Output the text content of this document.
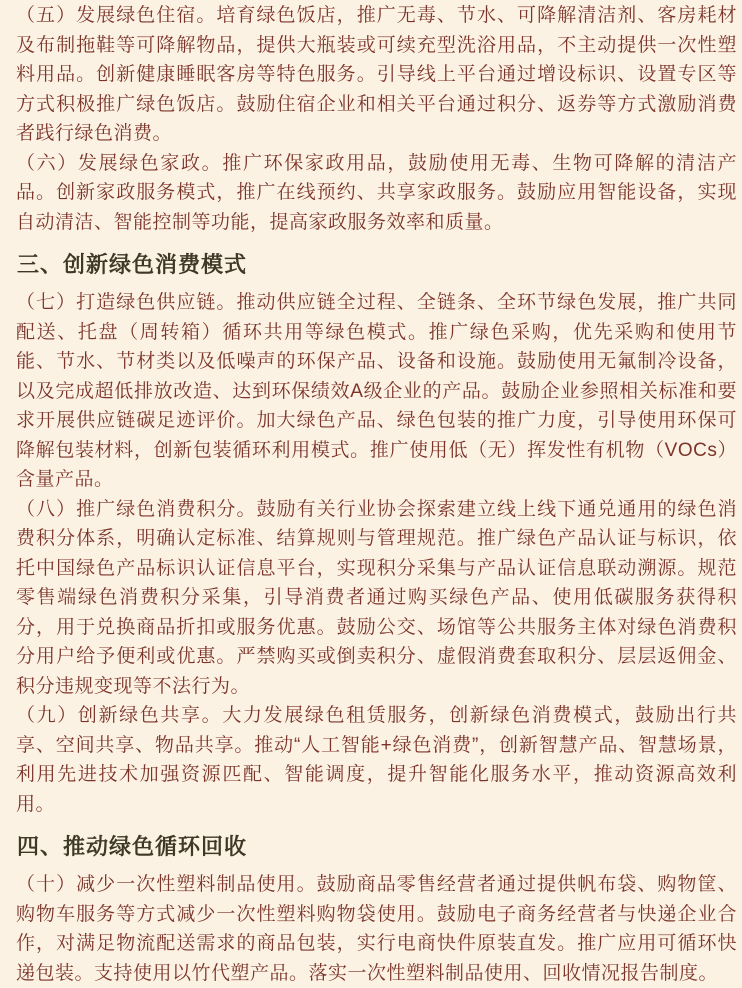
（五）发展绿色住宿。培育绿色饭店，推广无毒、节水、可降解清洁剂、客房耗材及布制拖鞋等可降解物品，提供大瓶装或可续充型洗浴用品，不主动提供一次性塑料用品。创新健康睡眠客房等特色服务。引导线上平台通过增设标识、设置专区等方式积极推广绿色饭店。鼓励住宿企业和相关平台通过积分、返券等方式激励消费者践行绿色消费。

（六）发展绿色家政。推广环保家政用品，鼓励使用无毒、生物可降解的清洁产品。创新家政服务模式，推广在线预约、共享家政服务。鼓励应用智能设备，实现自动清洁、智能控制等功能，提高家政服务效率和质量。

三、创新绿色消费模式

（七）打造绿色供应链。推动供应链全过程、全链条、全环节绿色发展，推广共同配送、托盘（周转箱）循环共用等绿色模式。推广绿色采购，优先采购和使用节能、节水、节材类以及低噪声的环保产品、设备和设施。鼓励使用无氟制冷设备，以及完成超低排放改造、达到环保绩效A级企业的产品。鼓励企业参照相关标准和要求开展供应链碳足迹评价。加大绿色产品、绿色包装的推广力度，引导使用环保可降解包装材料，创新包装循环利用模式。推广使用低（无）挥发性有机物（VOCs）含量产品。

（八）推广绿色消费积分。鼓励有关行业协会探索建立线上线下通兑通用的绿色消费积分体系，明确认定标准、结算规则与管理规范。推广绿色产品认证与标识，依托中国绿色产品标识认证信息平台，实现积分采集与产品认证信息联动溯源。规范零售端绿色消费积分采集，引导消费者通过购买绿色产品、使用低碳服务获得积分，用于兑换商品折扣或服务优惠。鼓励公交、场馆等公共服务主体对绿色消费积分用户给予便利或优惠。严禁购买或倒卖积分、虚假消费套取积分、层层返佣金、积分违规变现等不法行为。

（九）创新绿色共享。大力发展绿色租赁服务，创新绿色消费模式，鼓励出行共享、空间共享、物品共享。推动“人工智能+绿色消费”，创新智慧产品、智慧场景，利用先进技术加强资源匹配、智能调度，提升智能化服务水平，推动资源高效利用。

四、推动绿色循环回收

（十）减少一次性塑料制品使用。鼓励商品零售经营者通过提供帆布袋、购物筐、购物车服务等方式减少一次性塑料购物袋使用。鼓励电子商务经营者与快递企业合作，对满足物流配送需求的商品包装，实行电商快件原装直发。推广应用可循环快递包装。支持使用以竹代塑产品。落实一次性塑料制品使用、回收情况报告制度。
